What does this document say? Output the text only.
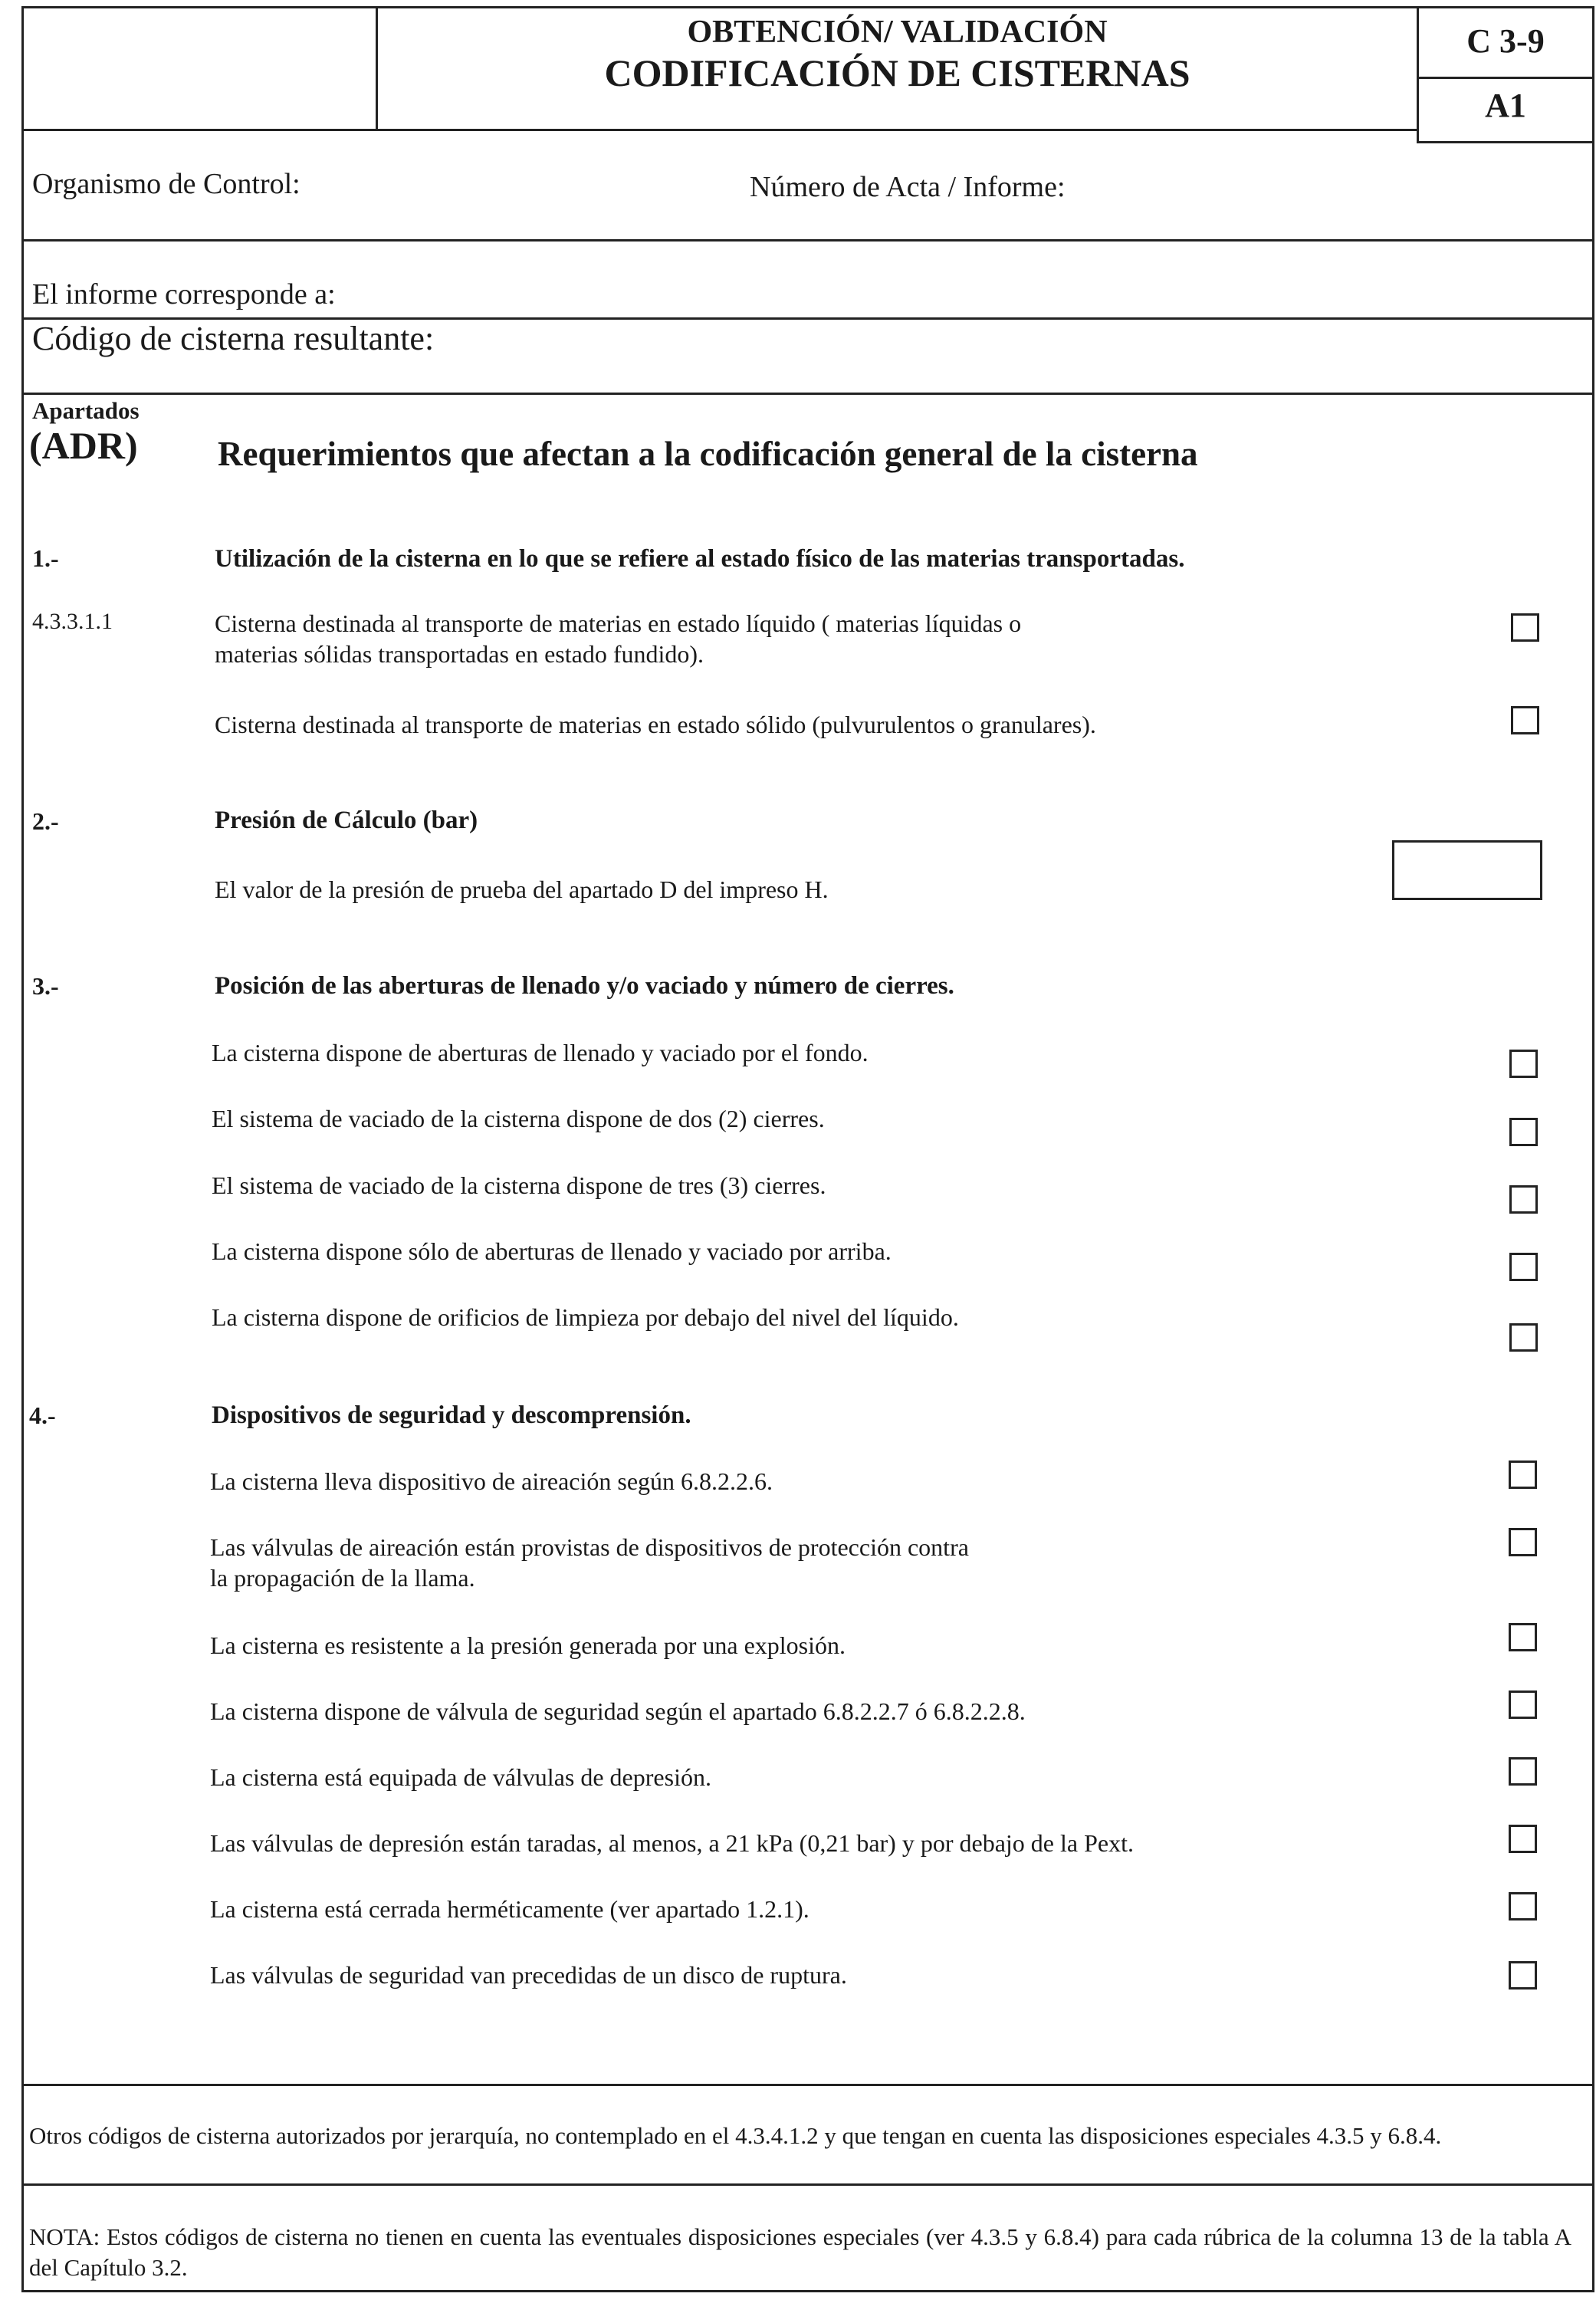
OBTENCIÓN/ VALIDACIÓN
CODIFICACIÓN DE CISTERNAS
C 3-9
A1
Organismo de Control:	Número de Acta / Informe:
El informe corresponde a:
Código de cisterna resultante:
Apartados
(ADR) Requerimientos que afectan a la codificación general de la cisterna
1.-	Utilización de la cisterna en lo que se refiere al estado físico de las materias transportadas.
4.3.3.1.1	Cisterna destinada al transporte de materias en estado líquido ( materias líquidas o
materias sólidas transportadas en estado fundido).
Cisterna destinada al transporte de materias en estado sólido (pulvurulentos o granulares).
2.-	Presión de Cálculo (bar)
El valor de la presión de prueba del apartado D del impreso H.
3.-	Posición de las aberturas de llenado y/o vaciado y número de cierres.
La cisterna dispone de aberturas de llenado y vaciado por el fondo.
El sistema de vaciado de la cisterna dispone de dos (2) cierres.
El sistema de vaciado de la cisterna dispone de tres (3) cierres.
La cisterna dispone sólo de aberturas de llenado y vaciado por arriba.
La cisterna dispone de orificios de limpieza por debajo del nivel del líquido.
4.-	Dispositivos de seguridad y descomprensión.
La cisterna lleva dispositivo de aireación según 6.8.2.2.6.
Las válvulas de aireación están provistas de dispositivos de protección contra
la propagación de la llama.
La cisterna es resistente a la presión generada por una explosión.
La cisterna dispone de válvula de seguridad según el apartado 6.8.2.2.7 ó 6.8.2.2.8.
La cisterna está equipada de válvulas de depresión.
Las válvulas de depresión están taradas, al menos, a 21 kPa (0,21 bar) y por debajo de la Pext.
La cisterna está cerrada herméticamente (ver apartado 1.2.1).
Las válvulas de seguridad van precedidas de un disco de ruptura.
Otros códigos de cisterna autorizados por jerarquía, no contemplado en el 4.3.4.1.2 y que tengan en cuenta las disposiciones especiales 4.3.5 y 6.8.4.
NOTA: Estos códigos de cisterna no tienen en cuenta las eventuales disposiciones especiales (ver 4.3.5 y 6.8.4) para cada rúbrica de la columna 13 de la tabla A del Capítulo 3.2.
